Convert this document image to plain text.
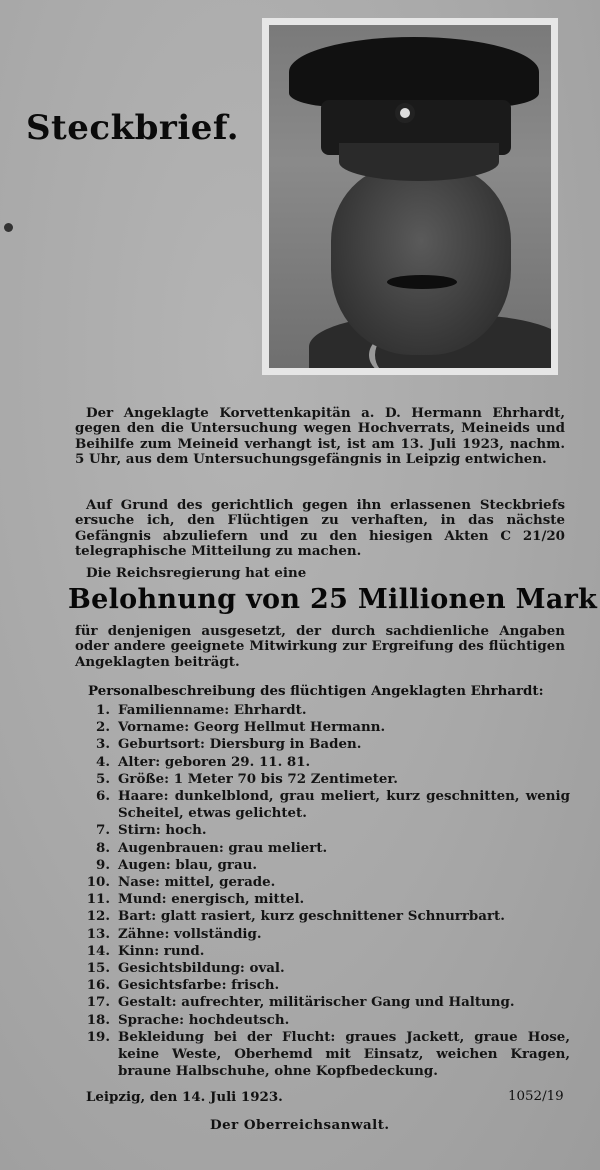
Steckbrief.
Der Angeklagte Korvettenkapitän a. D. Hermann Ehrhardt, gegen den die Untersuchung wegen Hochverrats, Meineids und Beihilfe zum Meineid verhangt ist, ist am 13. Juli 1923, nachm. 5 Uhr, aus dem Untersuchungsgefängnis in Leipzig entwichen.
Auf Grund des gerichtlich gegen ihn erlassenen Steckbriefs ersuche ich, den Flüchtigen zu verhaften, in das nächste Gefängnis abzuliefern und zu den hiesigen Akten C 21/20 telegraphische Mitteilung zu machen.
Die Reichsregierung hat eine
Belohnung von 25 Millionen Mark
für denjenigen ausgesetzt, der durch sachdienliche Angaben oder andere geeignete Mitwirkung zur Ergreifung des flüchtigen Angeklagten beiträgt.
Personalbeschreibung des flüchtigen Angeklagten Ehrhardt:
1. Familienname: Ehrhardt.
2. Vorname: Georg Hellmut Hermann.
3. Geburtsort: Diersburg in Baden.
4. Alter: geboren 29. 11. 81.
5. Größe: 1 Meter 70 bis 72 Zentimeter.
6. Haare: dunkelblond, grau meliert, kurz geschnitten, wenig Scheitel, etwas gelichtet.
7. Stirn: hoch.
8. Augenbrauen: grau meliert.
9. Augen: blau, grau.
10. Nase: mittel, gerade.
11. Mund: energisch, mittel.
12. Bart: glatt rasiert, kurz geschnittener Schnurrbart.
13. Zähne: vollständig.
14. Kinn: rund.
15. Gesichtsbildung: oval.
16. Gesichtsfarbe: frisch.
17. Gestalt: aufrechter, militärischer Gang und Haltung.
18. Sprache: hochdeutsch.
19. Bekleidung bei der Flucht: graues Jackett, graue Hose, keine Weste, Oberhemd mit Einsatz, weichen Kragen, braune Halbschuhe, ohne Kopfbedeckung.
Leipzig, den 14. Juli 1923.	1052/19
Der Oberreichsanwalt.
